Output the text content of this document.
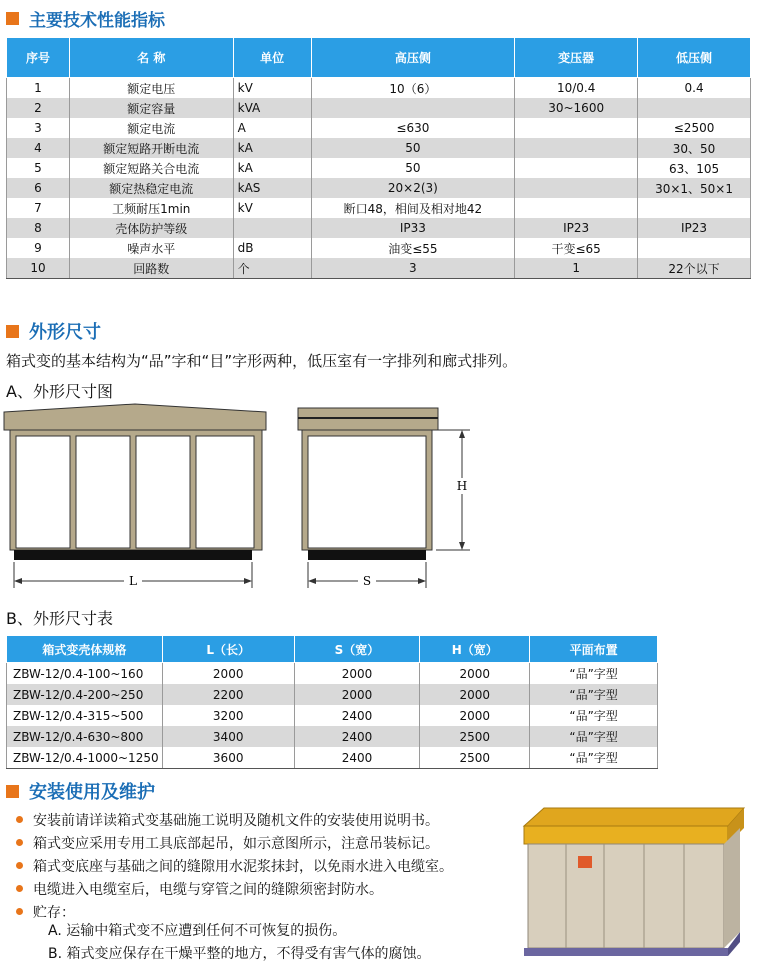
主要技术性能指标
序号	名 称	单位	高压侧	变压器	低压侧
1	额定电压	kV	10（6）	10/0.4	0.4
2	额定容量	kVA		30~1600	
3	额定电流	A	≤630		≤2500
4	额定短路开断电流	kA	50		30、50
5	额定短路关合电流	kA	50		63、105
6	额定热稳定电流	kAS	20×2(3)		30×1、50×1
7	工频耐压1min	kV	断口48，相间及相对地42		
8	壳体防护等级		IP33	IP23	IP23
9	噪声水平	dB	油变≤55	干变≤65	
10	回路数	个	3	1	22个以下
外形尺寸
箱式变的基本结构为“品”字和“目”字形两种，低压室有一字排列和廊式排列。
A、外形尺寸图
L
H
S
B、外形尺寸表
箱式变壳体规格	L（长）	S（宽）	H（宽）	平面布置
ZBW-12/0.4-100~160	2000	2000	2000	“品”字型
ZBW-12/0.4-200~250	2200	2000	2000	“品”字型
ZBW-12/0.4-315~500	3200	2400	2000	“品”字型
ZBW-12/0.4-630~800	3400	2400	2500	“品”字型
ZBW-12/0.4-1000~1250	3600	2400	2500	“品”字型
安装使用及维护
安装前请详读箱式变基础施工说明及随机文件的安装使用说明书。
箱式变应采用专用工具底部起吊，如示意图所示，注意吊装标记。
箱式变底座与基础之间的缝隙用水泥浆抹封，以免雨水进入电缆室。
电缆进入电缆室后，电缆与穿管之间的缝隙须密封防水。
贮存：
A. 运输中箱式变不应遭到任何不可恢复的损伤。
B. 箱式变应保存在干燥平整的地方，不得受有害气体的腐蚀。
